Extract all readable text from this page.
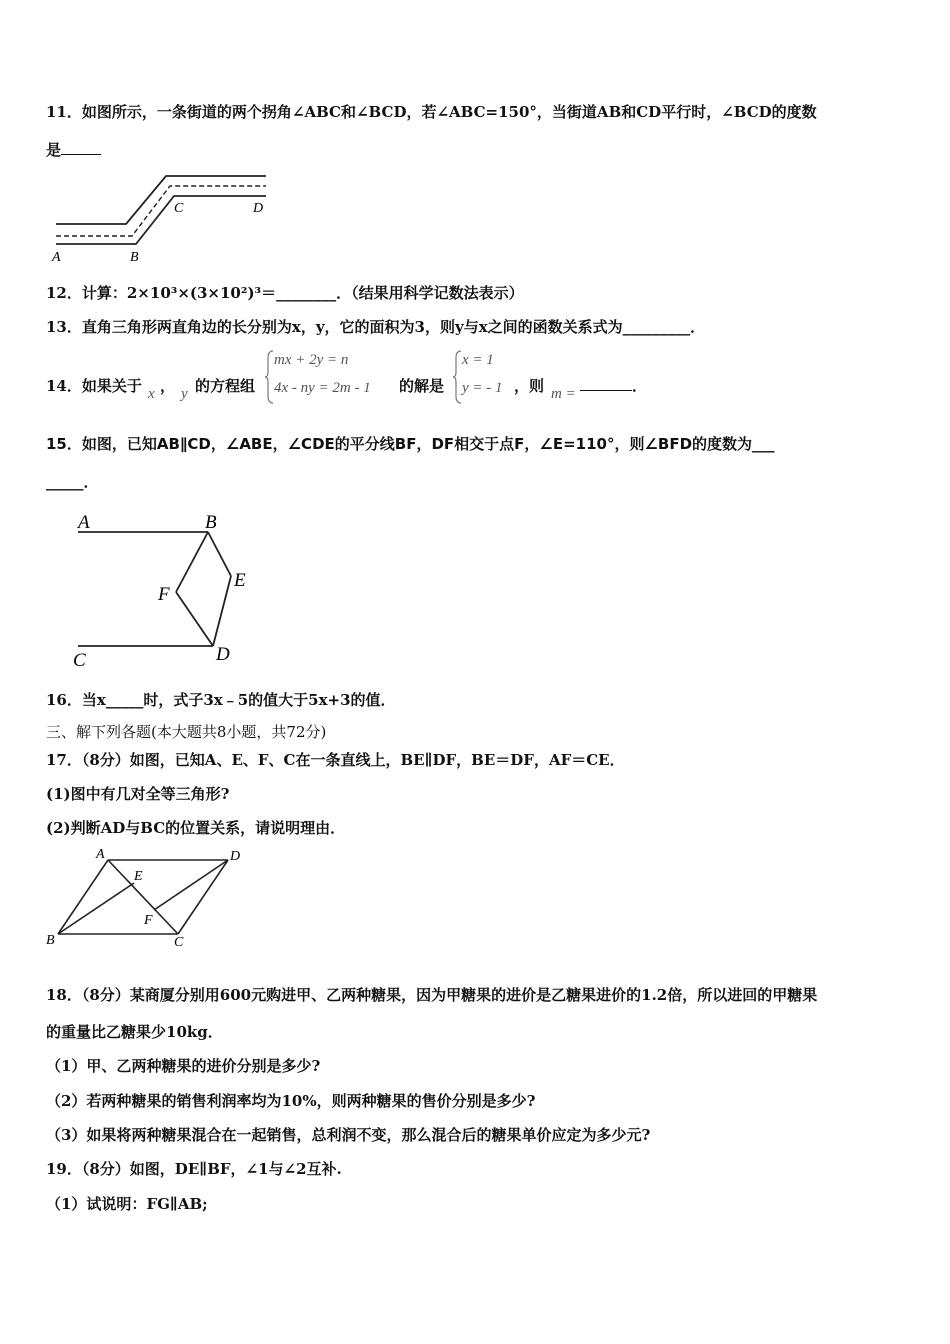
11．如图所示，一条街道的两个拐角∠ABC和∠BCD，若∠ABC=150°，当街道AB和CD平行时，∠BCD的度数
是
A	B
C	D
12．计算：2×10³×(3×10²)³＝________．（结果用科学记数法表示）
13．直角三角形两直角边的长分别为x，y，它的面积为3，则y与x之间的函数关系式为_________．
14．如果关于 x ， y 的方程组
mx + 2y = n
4x - ny = 2m - 1 的解是
x = 1
y = - 1 ，则 m =	．
15．如图，已知AB∥CD，∠ABE，∠CDE的平分线BF，DF相交于点F，∠E=110°，则∠BFD的度数为___
_____．
A	B
E
F
C	D
16．当x_____时，式子3x﹣5的值大于5x+3的值．
三、解下列各题(本大题共8小题，共72分)
17．（8分）如图，已知A、E、F、C在一条直线上，BE∥DF，BE＝DF，AF＝CE．
(1)图中有几对全等三角形?
(2)判断AD与BC的位置关系，请说明理由．
A	D
E
F
B	C
18．（8分）某商厦分别用600元购进甲、乙两种糖果，因为甲糖果的进价是乙糖果进价的1.2倍，所以进回的甲糖果
的重量比乙糖果少10kg．
（1）甲、乙两种糖果的进价分别是多少?
（2）若两种糖果的销售利润率均为10%，则两种糖果的售价分别是多少?
（3）如果将两种糖果混合在一起销售，总利润不变，那么混合后的糖果单价应定为多少元?
19．（8分）如图，DE∥BF，∠1与∠2互补.
（1）试说明：FG∥AB;
